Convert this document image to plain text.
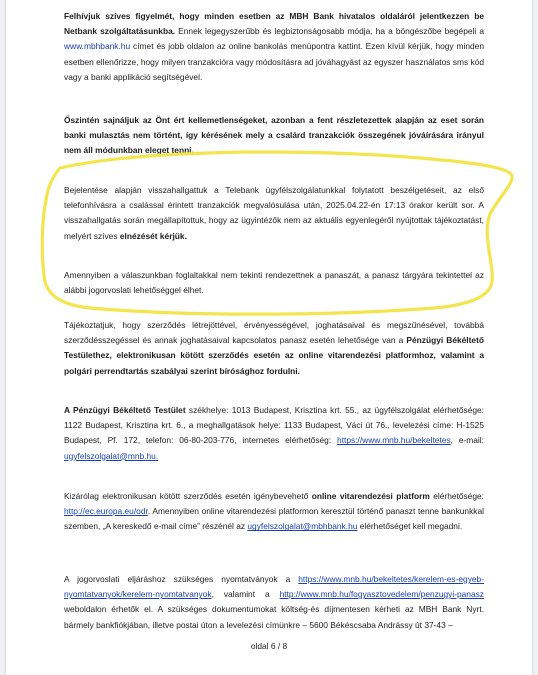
Felhívjuk szíves figyelmét, hogy minden esetben az MBH Bank hivatalos oldaláról jelentkezzen be Netbank szolgáltatásunkba. Ennek legegyszerűbb és legbiztonságosabb módja, ha a böngészőbe begépeli a www.mbhbank.hu címet és jobb oldalon az online bankolás menüpontra kattint. Ezen kívül kérjük, hogy minden esetben ellenőrizze, hogy milyen tranzakcióra vagy módosításra ad jóváhagyást az egyszer használatos sms kód vagy a banki applikáció segítségével.

Őszintén sajnáljuk az Önt ért kellemetlenségeket, azonban a fent részletezettek alapján az eset során banki mulasztás nem történt, így kérésének mely a csalárd tranzakciók összegének jóváírására irányul nem áll módunkban eleget tenni.

Bejelentése alapján visszahallgattuk a Telebank ügyfélszolgálatunkkal folytatott beszélgetéseit, az első telefonhívásra a csalással érintett tranzakciók megvalósulása után, 2025.04.22-én 17:13 órakor került sor. A visszahallgatás során megállapítottuk, hogy az ügyintézők nem az aktuális egyenlegéről nyújtottak tájékoztatást, melyért szíves elnézését kérjük.

Amennyiben a válaszunkban foglaltakkal nem tekinti rendezettnek a panaszát, a panasz tárgyára tekintettel az alábbi jogorvoslati lehetőséggel élhet.

Tájékoztatjuk, hogy szerződés létrejöttével, érvényességével, joghatásaival és megszűnésével, továbbá szerződésszegéssel és annak joghatásaival kapcsolatos panasz esetén lehetősége van a Pénzügyi Békéltető Testülethez, elektronikusan kötött szerződés esetén az online vitarendezési platformhoz, valamint a polgári perrendtartás szabályai szerint bírósághoz fordulni.

A Pénzügyi Békéltető Testület székhelye: 1013 Budapest, Krisztina krt. 55., az ügyfélszolgálat elérhetősége: 1122 Budapest, Krisztina krt. 6., a meghallgatások helye: 1133 Budapest, Váci út 76., levelezési címe: H-1525 Budapest, Pf. 172, telefon: 06-80-203-776, internetes elérhetőség: https://www.mnb.hu/bekeltetes, e-mail: ugyfelszolgalat@mnb.hu.

Kizárólag elektronikusan kötött szerződés esetén igénybevehető online vitarendezési platform elérhetősége: http://ec.europa.eu/odr. Amennyiben online vitarendezési platformon keresztül történő panaszt tenne bankunkkal szemben, „A kereskedő e-mail címe” részénél az ugyfelszolgalat@mbhbank.hu elérhetőséget kell megadni.

A jogorvoslati eljáráshoz szükséges nyomtatványok a https://www.mnb.hu/bekeltetes/kerelem-es-egyeb-nyomtatvanyok/kerelem-nyomtatvanyok, valamint a http://www.mnb.hu/fogyasztovedelem/penzugyi-panasz weboldalon érhetők el. A szükséges dokumentumokat költség-és díjmentesen kérheti az MBH Bank Nyrt. bármely bankfiókjában, illetve postai úton a levelezési címünkre – 5600 Békéscsaba Andrássy út 37-43 –

oldal 6 / 8
